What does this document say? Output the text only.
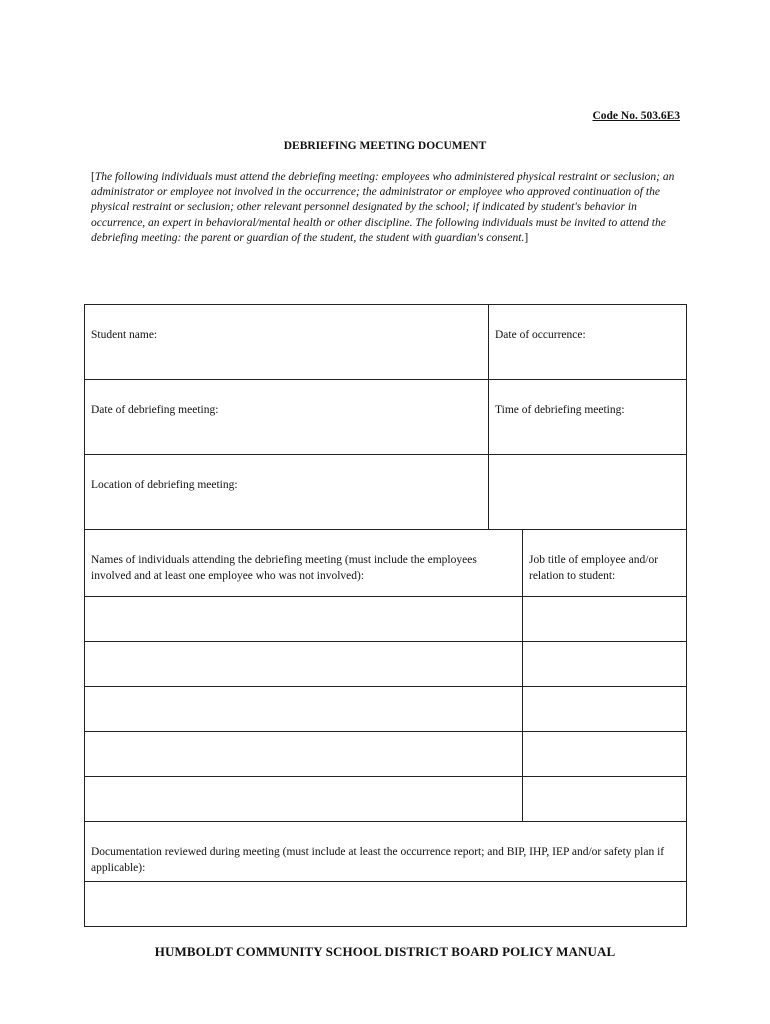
Code No. 503.6E3
DEBRIEFING MEETING DOCUMENT
[The following individuals must attend the debriefing meeting: employees who administered physical restraint or seclusion; an administrator or employee not involved in the occurrence; the administrator or employee who approved continuation of the physical restraint or seclusion; other relevant personnel designated by the school; if indicated by student's behavior in occurrence, an expert in behavioral/mental health or other discipline. The following individuals must be invited to attend the debriefing meeting: the parent or guardian of the student, the student with guardian's consent.]
Student name:	Date of occurrence:	

Date of debriefing meeting:	Time of debriefing meeting:	

Location of debriefing meeting:		

Names of individuals attending the debriefing meeting (must include the employees involved and at least one employee who was not involved):		Job title of employee and/or relation to student:

Documentation reviewed during meeting (must include at least the occurrence report; and BIP, IHP, IEP and/or safety plan if applicable):		

HUMBOLDT COMMUNITY SCHOOL DISTRICT BOARD POLICY MANUAL
